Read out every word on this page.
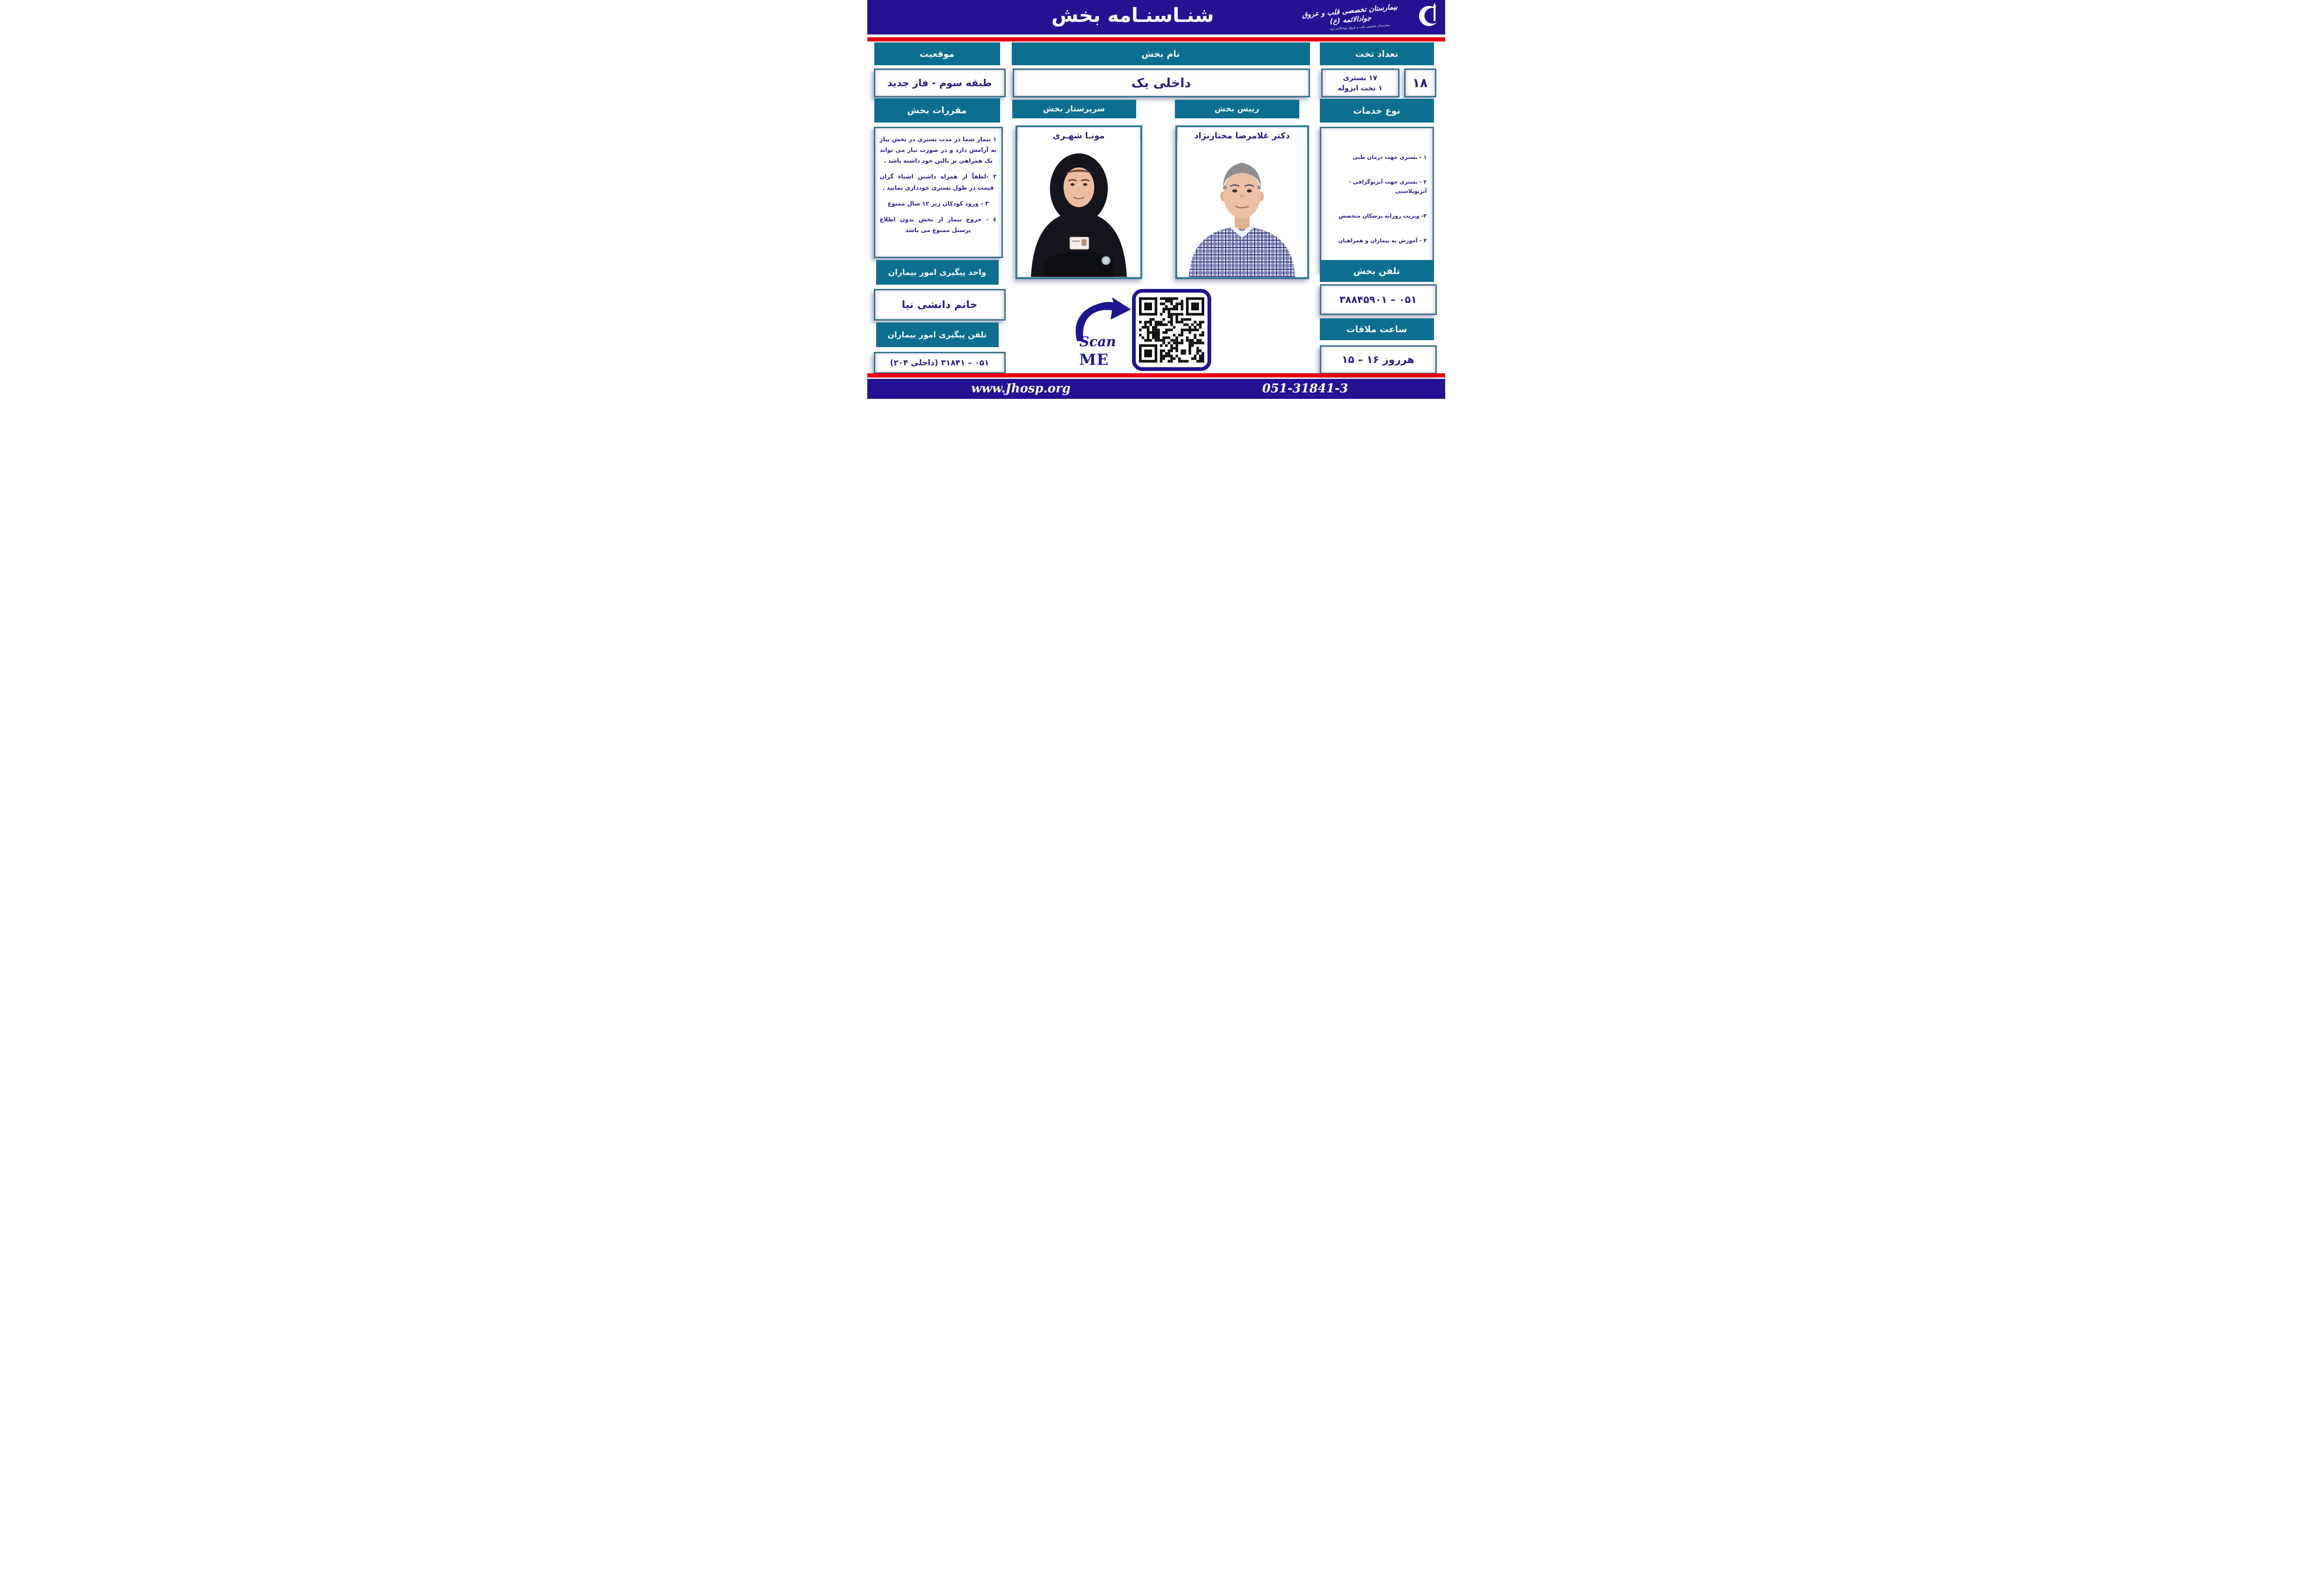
شنـاسنـامه بخش	بیمارستان تخصصی قلب و عروق جوادالائمه (ع)
بیمارستان تخصصی قلب و عروق جوادالائمه (ع)
موقعیت
طبقه سوم - فاز جدید
مقررات بخش
۱ بیمار شما در مدت بستری در بخش نیاز به آرامش دارد و در صورت نیاز می تواند یک همراهی بر بالین خود داشته باشد .
۲ -لطفاً از همراه داشتن اشیاء گران قیمت در طول بستری خودداری نمایید .
۳ - ورود کودکان زیر ۱۲ سال ممنوع
٤ - خروج بیمار از بخش بدون اطلاع پرسنل ممنوع می باشد
واحد پیگیری امور بیماران
خانم دانشی نیا
تلفن پیگیری امور بیماران
۰۵۱ – ۳۱۸۴۱ (داخلی ۲۰۴)
نام بخش
داخلی یک
سرپرستار بخش	رییس بخش
مونـا شهـری	دکتر غلامرضا مختارنژاد
Scan
ME
تعداد تخت
۱۷ بستری
۱ تخت ایزوله	۱۸
نوع خدمات
۱ - بستری جهت درمان طبی
۲ - بستری جهت آنژیوگرافی - آنژیوپلاستی
۳- ویزیت روزانه پزشکان متخصص
۴ - آموزش به بیماران و همراهیان
تلفن بخش
۰۵۱ – ۳۸۸۴۵۹۰۱
ساعت ملاقات
هرروز ۱۶ – ۱۵
www.Jhosp.org	051-31841-3
